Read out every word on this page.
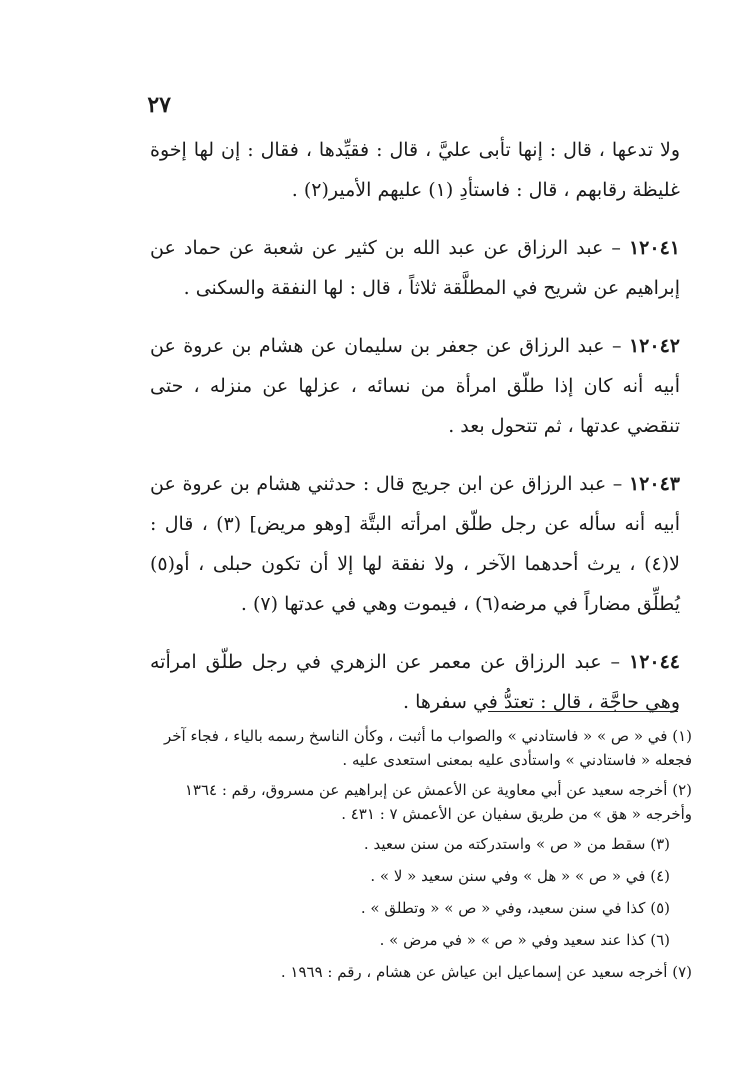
٢٧

ولا تدعها ، قال : إنها تأبى عليَّ ، قال : فقيِّدها ، فقال : إن لها إخوة غليظة رقابهم ، قال : فاستأدِ (١) عليهم الأمير(٢) .

١٢٠٤١ – عبد الرزاق عن عبد الله بن كثير عن شعبة عن حماد عن إبراهيم عن شريح في المطلَّقة ثلاثاً ، قال : لها النفقة والسكنى .

١٢٠٤٢ – عبد الرزاق عن جعفر بن سليمان عن هشام بن عروة عن أبيه أنه كان إذا طلّق امرأة من نسائه ، عزلها عن منزله ، حتى تنقضي عدتها ، ثم تتحول بعد .

١٢٠٤٣ – عبد الرزاق عن ابن جريج قال : حدثني هشام بن عروة عن أبيه أنه سأله عن رجل طلّق امرأته البتَّة [وهو مريض] (٣) ، قال : لا(٤) ، يرث أحدهما الآخر ، ولا نفقة لها إلا أن تكون حبلى ، أو(٥) يُطلِّق مضاراً في مرضه(٦) ، فيموت وهي في عدتها (٧) .

١٢٠٤٤ – عبد الرزاق عن معمر عن الزهري في رجل طلّق امرأته وهي حاجَّة ، قال : تعتدُّ في سفرها .

(١) في « ص » « فاستادني » والصواب ما أثبت ، وكأن الناسخ رسمه بالياء ، فجاء آخر فجعله « فاستادني » واستأدى عليه بمعنى استعدى عليه .

(٢) أخرجه سعيد عن أبي معاوية عن الأعمش عن إبراهيم عن مسروق، رقم : ١٣٦٤ وأخرجه « هق » من طريق سفيان عن الأعمش ٧ : ٤٣١ .

(٣) سقط من « ص » واستدركته من سنن سعيد .

(٤) في « ص » « هل » وفي سنن سعيد « لا » .

(٥) كذا في سنن سعيد، وفي « ص » « وتطلق » .

(٦) كذا عند سعيد وفي « ص » « في مرض » .

(٧) أخرجه سعيد عن إسماعيل ابن عياش عن هشام ، رقم : ١٩٦٩ .
